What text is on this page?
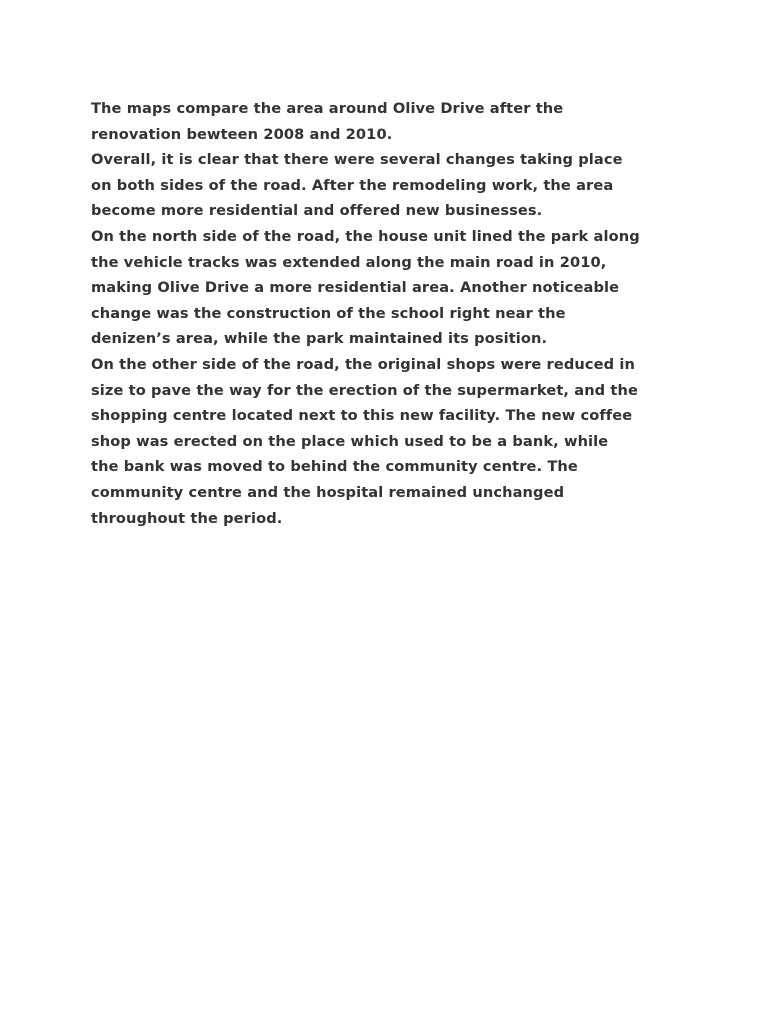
The maps compare the area around Olive Drive after the
renovation bewteen 2008 and 2010.
Overall, it is clear that there were several changes taking place
on both sides of the road. After the remodeling work, the area
become more residential and offered new businesses.
On the north side of the road, the house unit lined the park along
the vehicle tracks was extended along the main road in 2010,
making Olive Drive a more residential area. Another noticeable
change was the construction of the school right near the
denizen’s area, while the park maintained its position.
On the other side of the road, the original shops were reduced in
size to pave the way for the erection of the supermarket, and the
shopping centre located next to this new facility. The new coffee
shop was erected on the place which used to be a bank, while
the bank was moved to behind the community centre. The
community centre and the hospital remained unchanged
throughout the period.
